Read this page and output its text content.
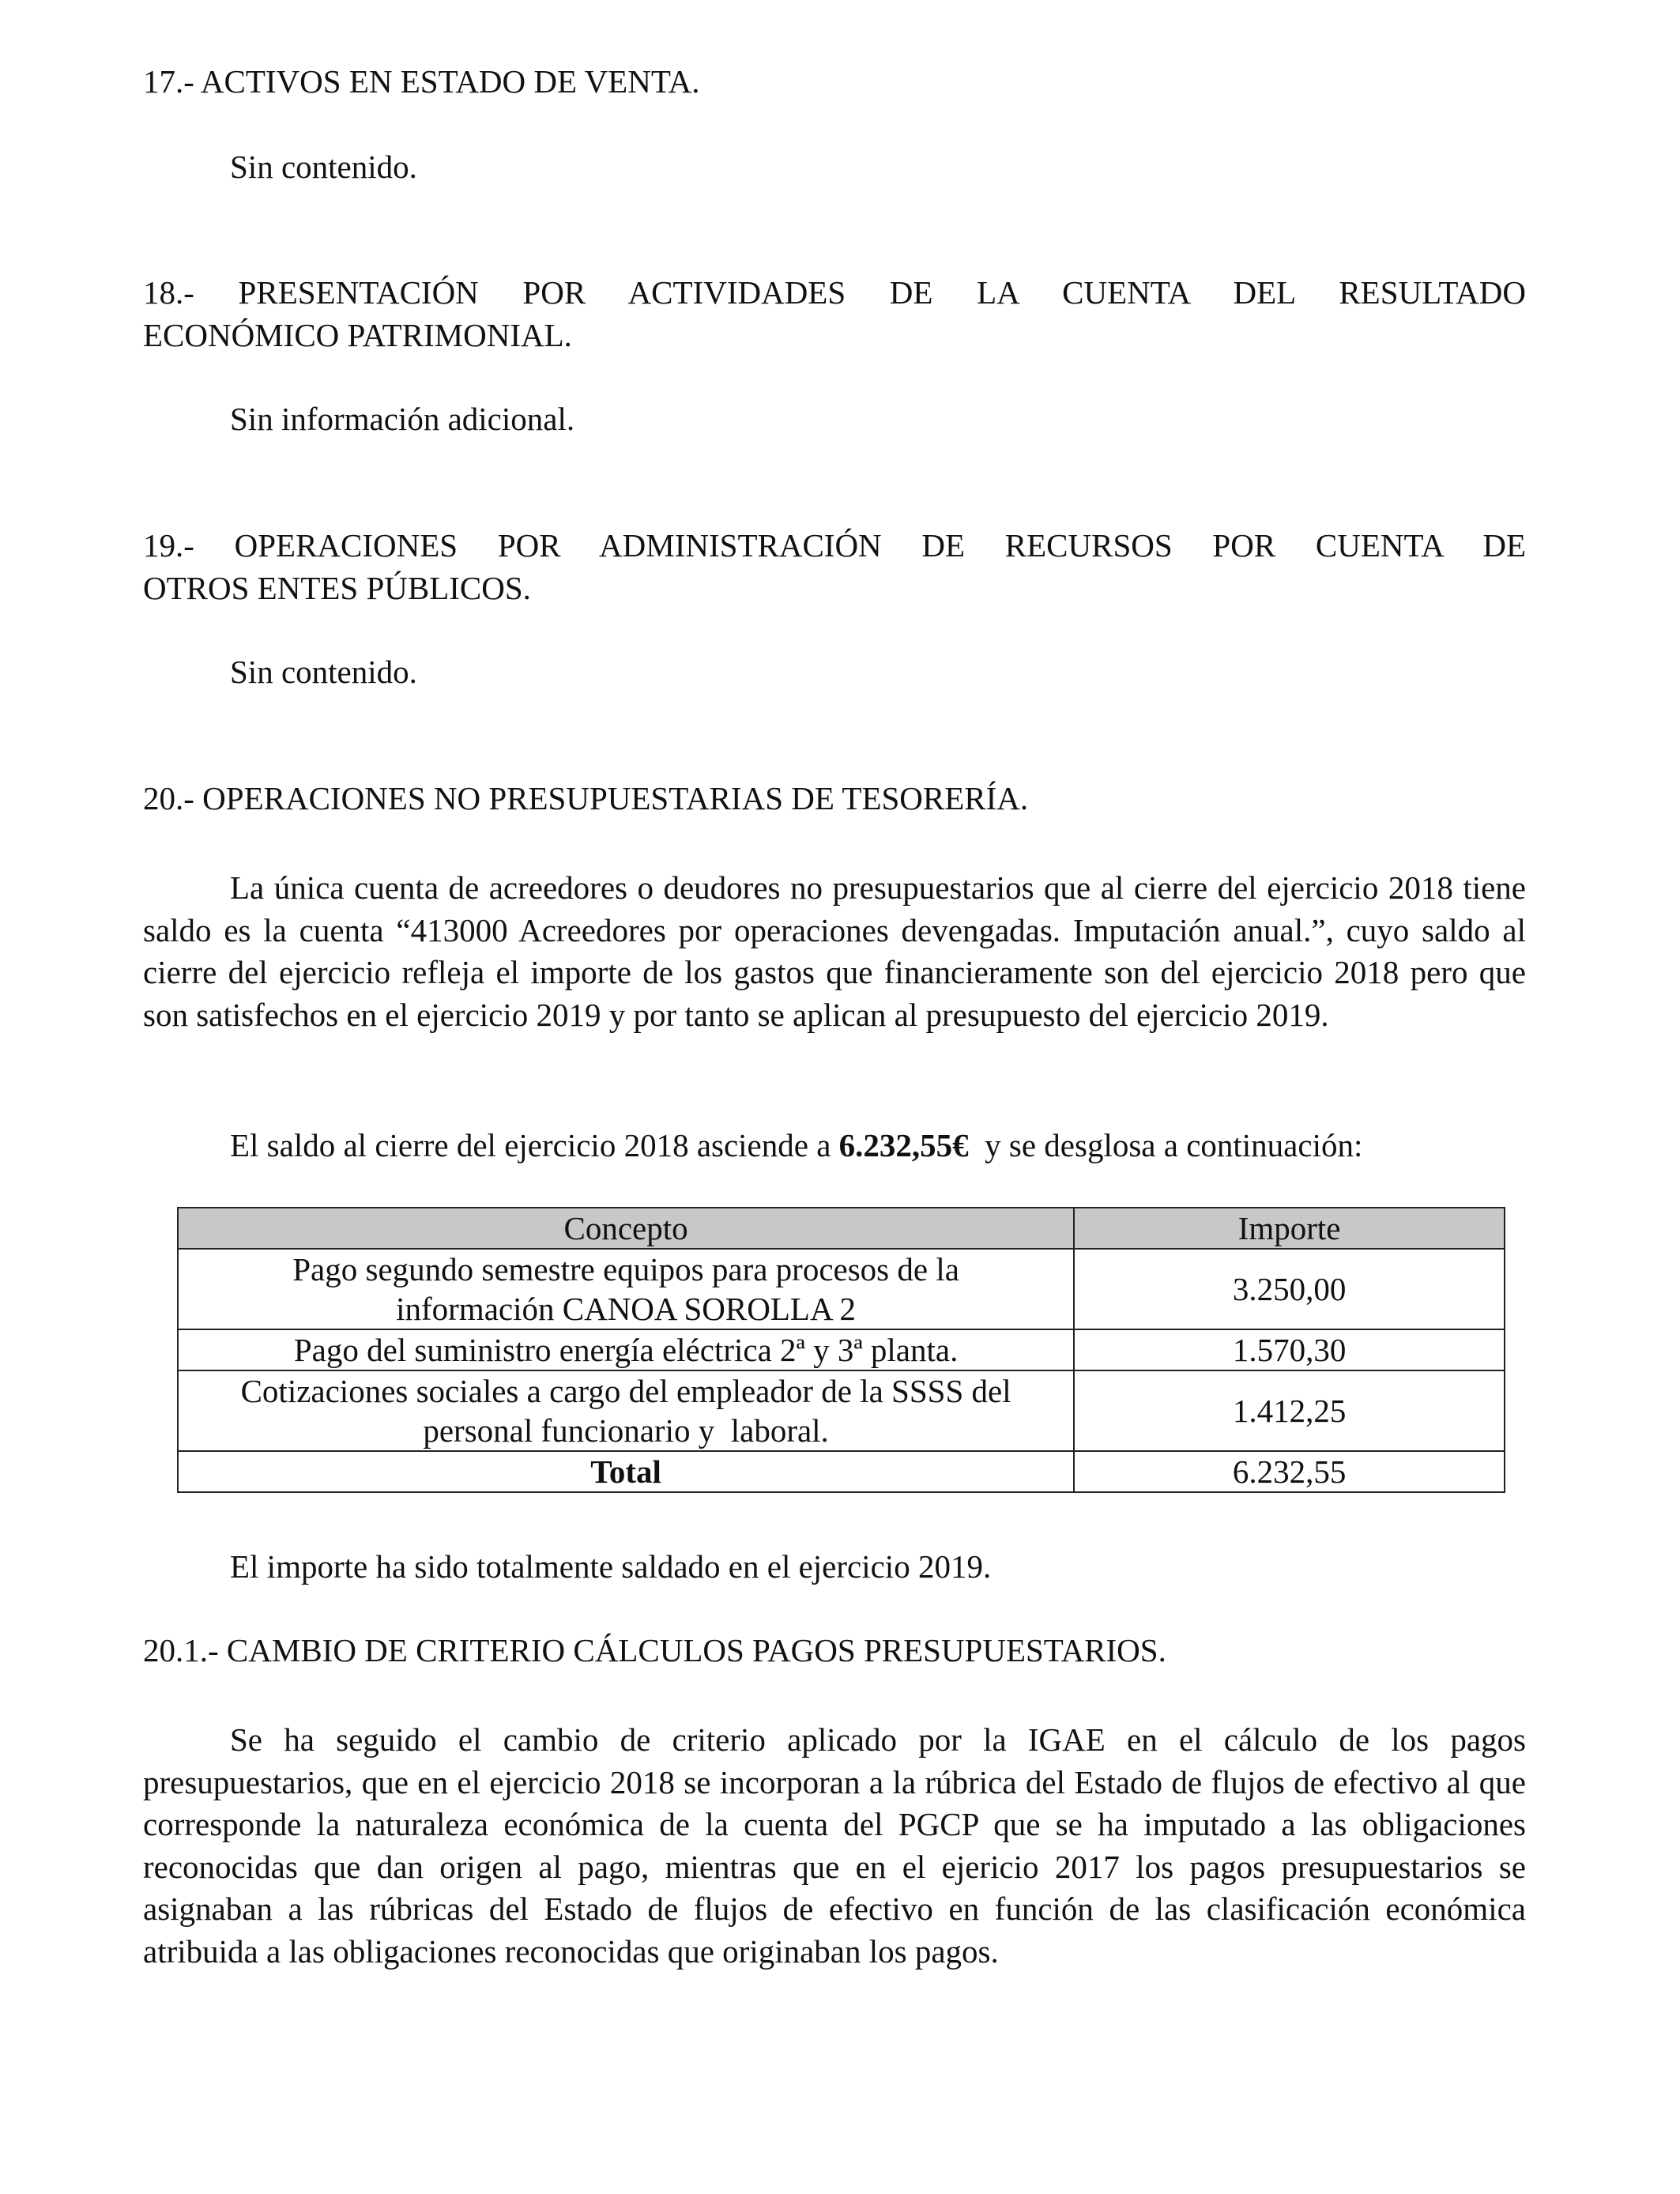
17.- ACTIVOS EN ESTADO DE VENTA.
Sin contenido.
18.- PRESENTACIÓN POR ACTIVIDADES DE LA CUENTA DEL RESULTADO
ECONÓMICO PATRIMONIAL.
Sin información adicional.
19.- OPERACIONES POR ADMINISTRACIÓN DE RECURSOS POR CUENTA DE
OTROS ENTES PÚBLICOS.
Sin contenido.
20.- OPERACIONES NO PRESUPUESTARIAS DE TESORERÍA.
La única cuenta de acreedores o deudores no presupuestarios que al cierre del ejercicio 2018 tiene saldo es la cuenta “413000 Acreedores por operaciones devengadas. Imputación anual.”, cuyo saldo al cierre del ejercicio refleja el importe de los gastos que financieramente son del ejercicio 2018 pero que son satisfechos en el ejercicio 2019 y por tanto se aplican al presupuesto del ejercicio 2019.
El saldo al cierre del ejercicio 2018 asciende a 6.232,55€  y se desglosa a continuación:
Concepto	Importe

Pago segundo semestre equipos para procesos de la
información CANOA SOROLLA 2	3.250,00
Pago del suministro energía eléctrica 2ª y 3ª planta.	1.570,30

Cotizaciones sociales a cargo del empleador de la SSSS del
personal funcionario y  laboral.	1.412,25
Total	6.232,55
El importe ha sido totalmente saldado en el ejercicio 2019.
20.1.- CAMBIO DE CRITERIO CÁLCULOS PAGOS PRESUPUESTARIOS.
Se ha seguido el cambio de criterio aplicado por la IGAE en el cálculo de los pagos presupuestarios, que en el ejercicio 2018 se incorporan a la rúbrica del Estado de flujos de efectivo al que corresponde la naturaleza económica de la cuenta del PGCP que se ha imputado a las obligaciones reconocidas que dan origen al pago, mientras que en el ejericio 2017 los pagos presupuestarios se asignaban a las rúbricas del Estado de flujos de efectivo en función de las clasificación económica atribuida a las obligaciones reconocidas que originaban los pagos.
